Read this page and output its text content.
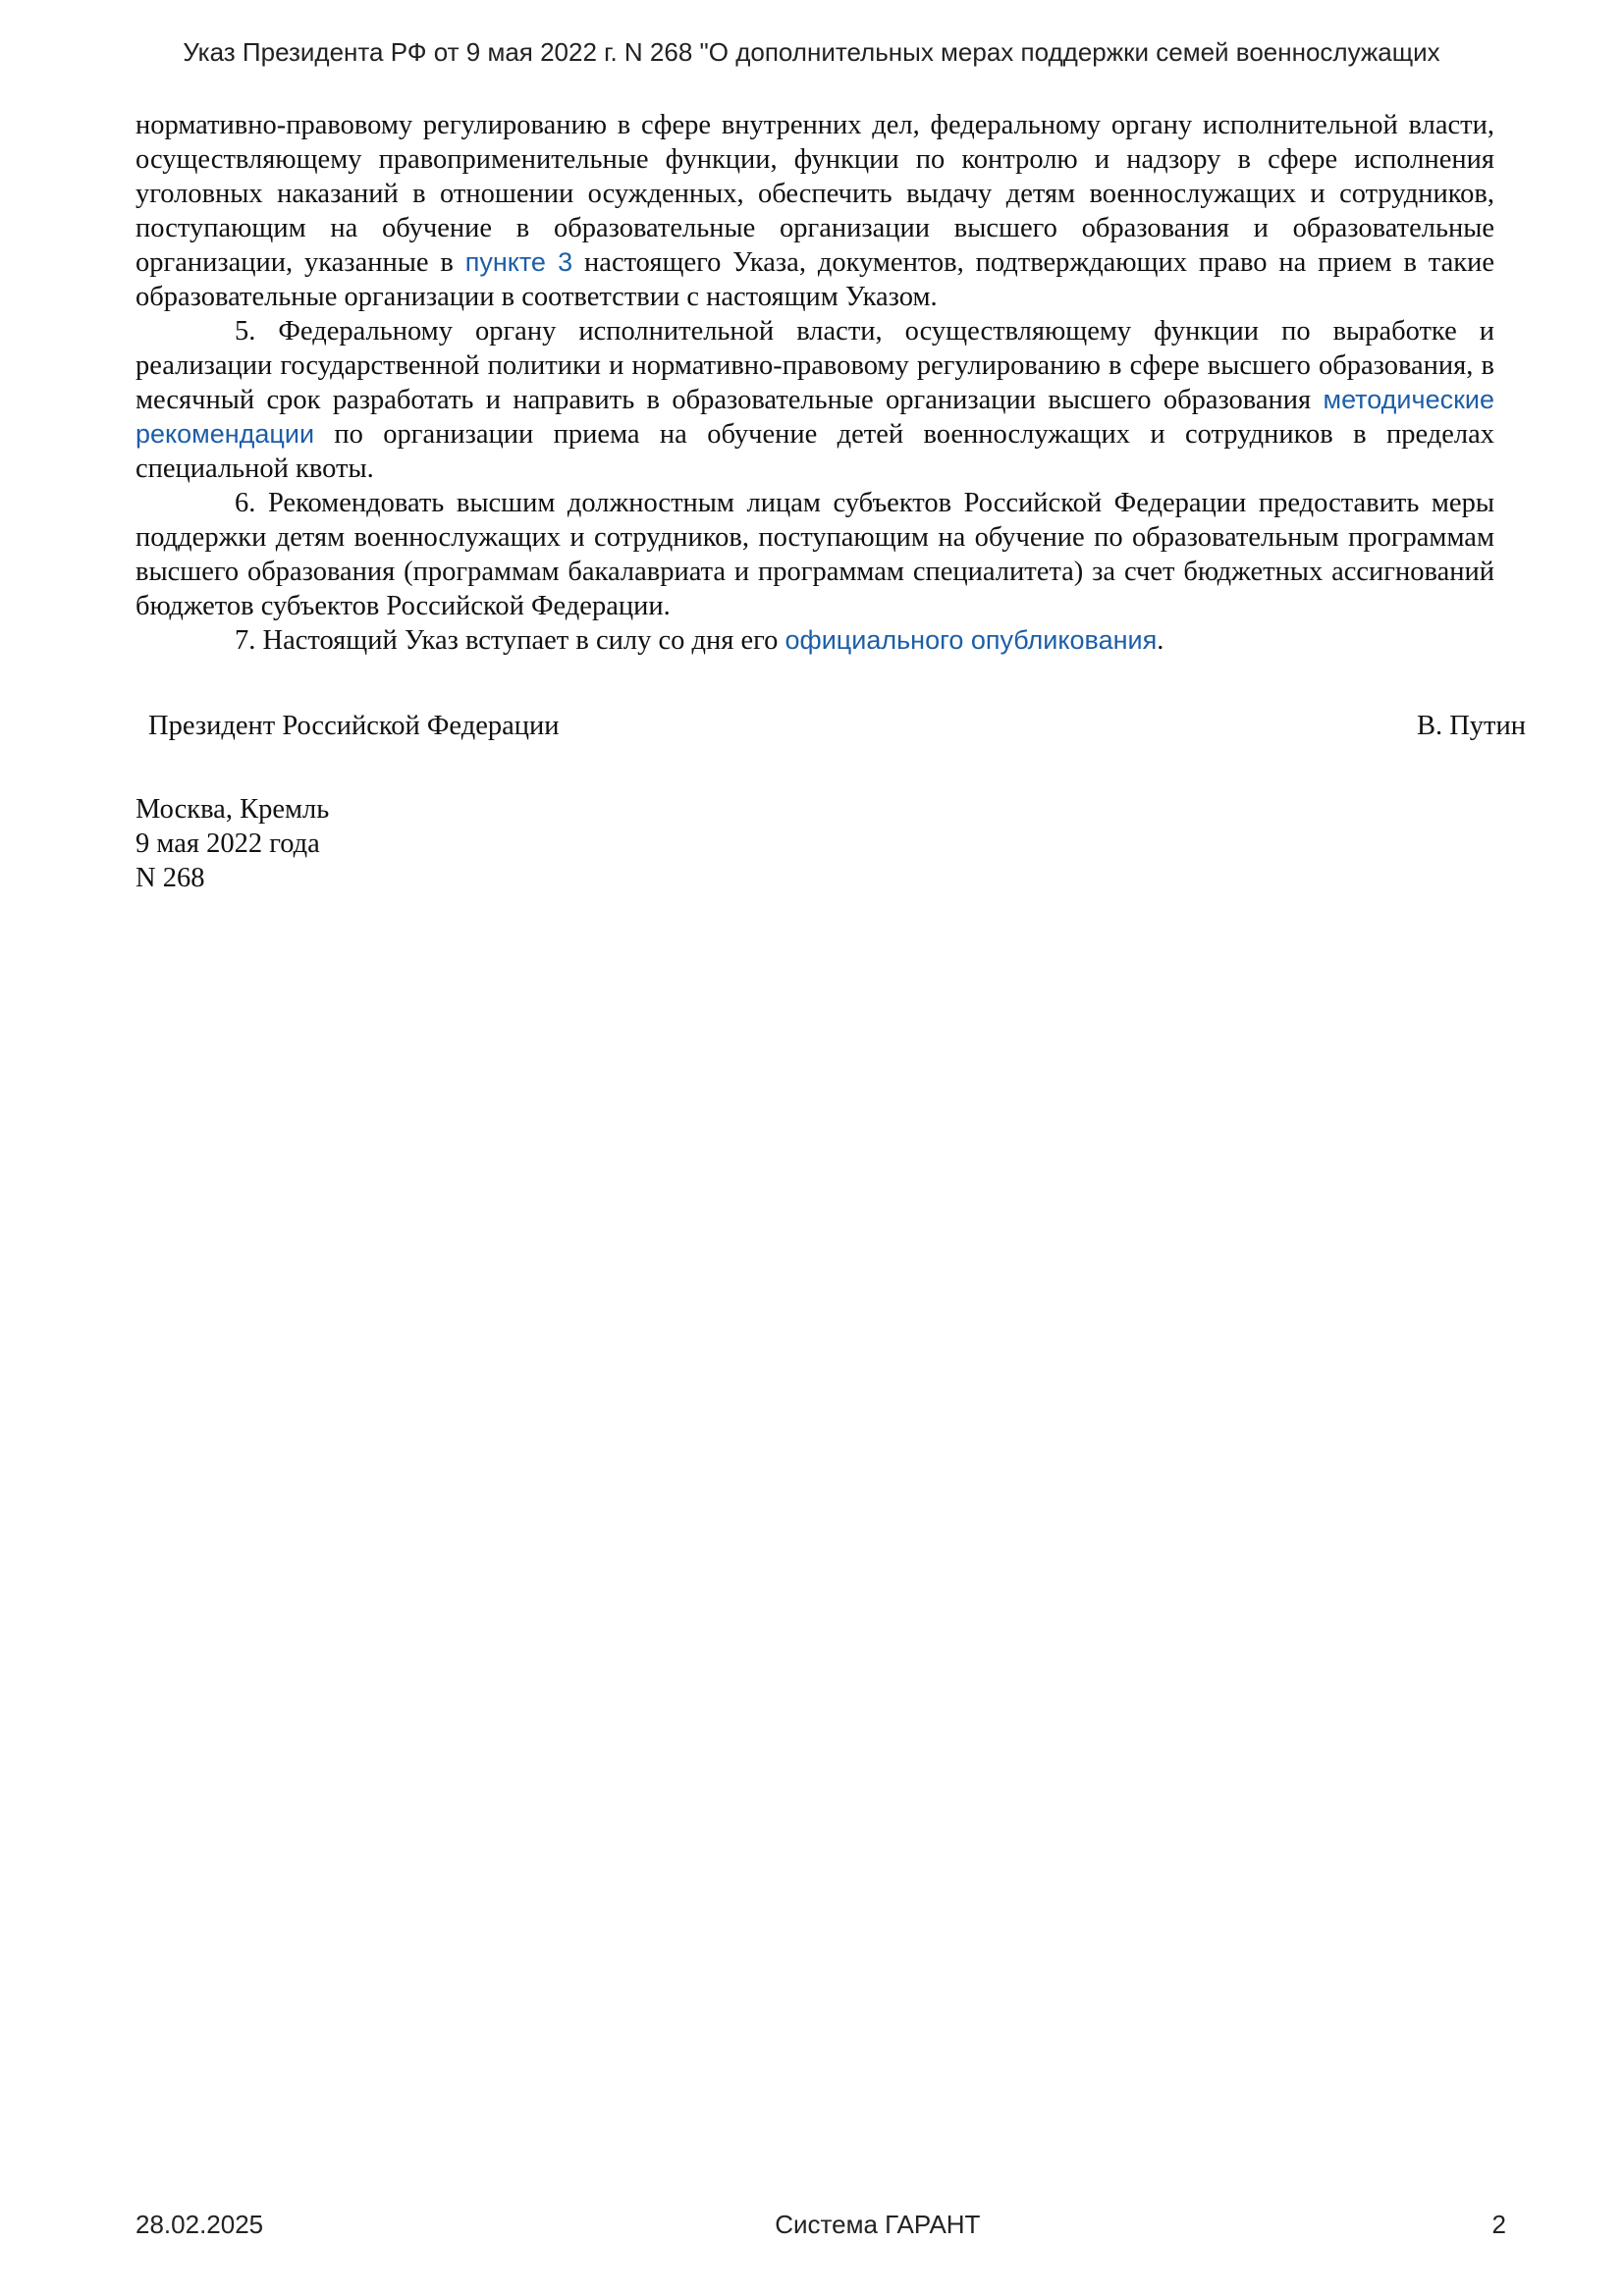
Указ Президента РФ от 9 мая 2022 г. N 268 "О дополнительных мерах поддержки семей военнослужащих

нормативно-правовому регулированию в сфере внутренних дел, федеральному органу исполнительной власти, осуществляющему правоприменительные функции, функции по контролю и надзору в сфере исполнения уголовных наказаний в отношении осужденных, обеспечить выдачу детям военнослужащих и сотрудников, поступающим на обучение в образовательные организации высшего образования и образовательные организации, указанные в пункте 3 настоящего Указа, документов, подтверждающих право на прием в такие образовательные организации в соответствии с настоящим Указом.

5. Федеральному органу исполнительной власти, осуществляющему функции по выработке и реализации государственной политики и нормативно-правовому регулированию в сфере высшего образования, в месячный срок разработать и направить в образовательные организации высшего образования методические рекомендации по организации приема на обучение детей военнослужащих и сотрудников в пределах специальной квоты.

6. Рекомендовать высшим должностным лицам субъектов Российской Федерации предоставить меры поддержки детям военнослужащих и сотрудников, поступающим на обучение по образовательным программам высшего образования (программам бакалавриата и программам специалитета) за счет бюджетных ассигнований бюджетов субъектов Российской Федерации.

7. Настоящий Указ вступает в силу со дня его официального опубликования.

Президент Российской Федерации	В. Путин
Москва, Кремль
9 мая 2022 года
N 268
28.02.2025	Система ГАРАНТ	2
